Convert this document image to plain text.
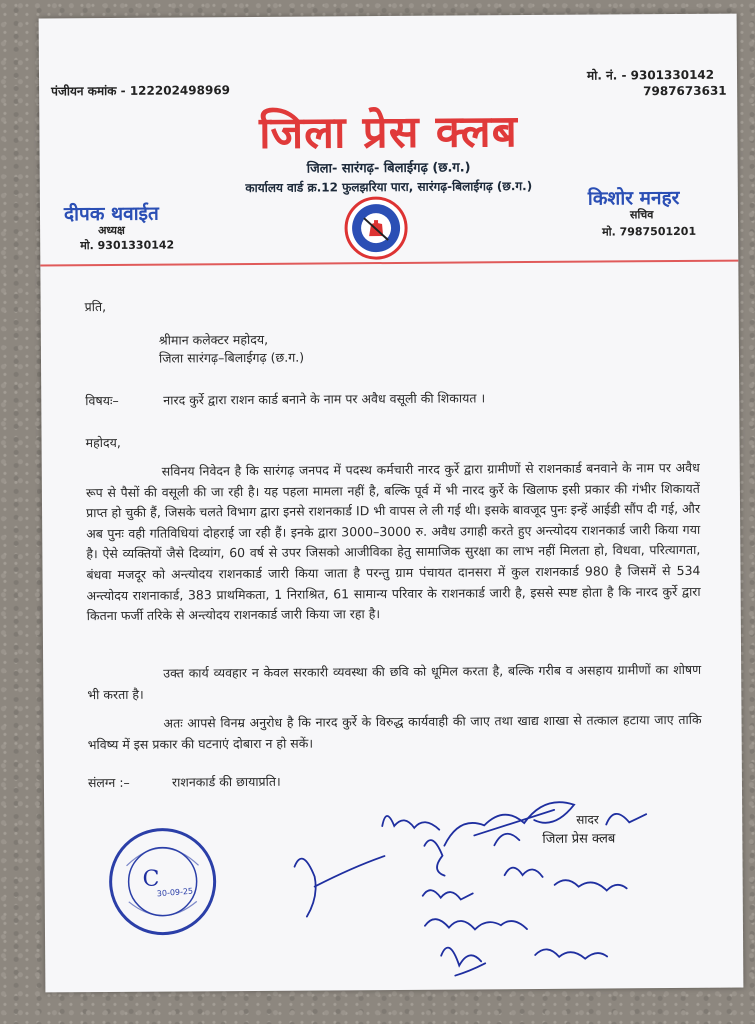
पंजीयन कमांक - 122202498969
मो. नं. - 9301330142
7987673631
जिला प्रेस क्लब
जिला- सारंगढ़- बिलाईगढ़ (छ.ग.)
कार्यालय वार्ड क्र.12 फुलझरिया पारा, सारंगढ़-बिलाईगढ़ (छ.ग.)
दीपक थवाईत
अध्यक्ष
मो. 9301330142
किशोर मनहर
सचिव
मो. 7987501201
प्रति,
श्रीमान कलेक्टर महोदय,
जिला सारंगढ़–बिलाईगढ़ (छ.ग.)
विषयः–	नारद कुर्रे द्वारा राशन कार्ड बनाने के नाम पर अवैध वसूली की शिकायत ।
महोदय,
सविनय निवेदन है कि सारंगढ़ जनपद में पदस्थ कर्मचारी नारद कुर्रे द्वारा ग्रामीणों से राशनकार्ड बनवाने के नाम पर अवैध रूप से पैसों की वसूली की जा रही है। यह पहला मामला नहीं है, बल्कि पूर्व में भी नारद कुर्रे के खिलाफ इसी प्रकार की गंभीर शिकायतें प्राप्त हो चुकी हैं, जिसके चलते विभाग द्वारा इनसे राशनकार्ड ID भी वापस ले ली गई थी। इसके बावजूद पुनः इन्हें आईडी सौंप दी गई, और अब पुनः वही गतिविधियां दोहराई जा रही हैं। इनके द्वारा 3000–3000 रु. अवैध उगाही करते हुए अन्त्योदय राशनकार्ड जारी किया गया है। ऐसे व्यक्तियों जैसे दिव्यांग, 60 वर्ष से उपर जिसको आजीविका हेतु सामाजिक सुरक्षा का लाभ नहीं मिलता हो, विधवा, परित्यागता, बंधवा मजदूर को अन्त्योदय राशनकार्ड जारी किया जाता है परन्तु ग्राम पंचायत दानसरा में कुल राशनकार्ड 980 है जिसमें से 534 अन्त्योदय राशनाकार्ड, 383 प्राथमिकता, 1 निराश्रित, 61 सामान्य परिवार के राशनकार्ड जारी है, इससे स्पष्ट होता है कि नारद कुर्रे द्वारा कितना फर्जी तरिके से अन्त्योदय राशनकार्ड जारी किया जा रहा है।
उक्त कार्य व्यवहार न केवल सरकारी व्यवस्था की छवि को धूमिल करता है, बल्कि गरीब व असहाय ग्रामीणों का शोषण भी करता है।
अतः आपसे विनम्र अनुरोध है कि नारद कुर्रे के विरुद्ध कार्यवाही की जाए तथा खाद्य शाखा से तत्काल हटाया जाए ताकि भविष्य में इस प्रकार की घटनाएं दोबारा न हो सकें।
संलग्न :–	राशनकार्ड की छायाप्रति।
सादर
जिला प्रेस क्लब
C
30-09-25
